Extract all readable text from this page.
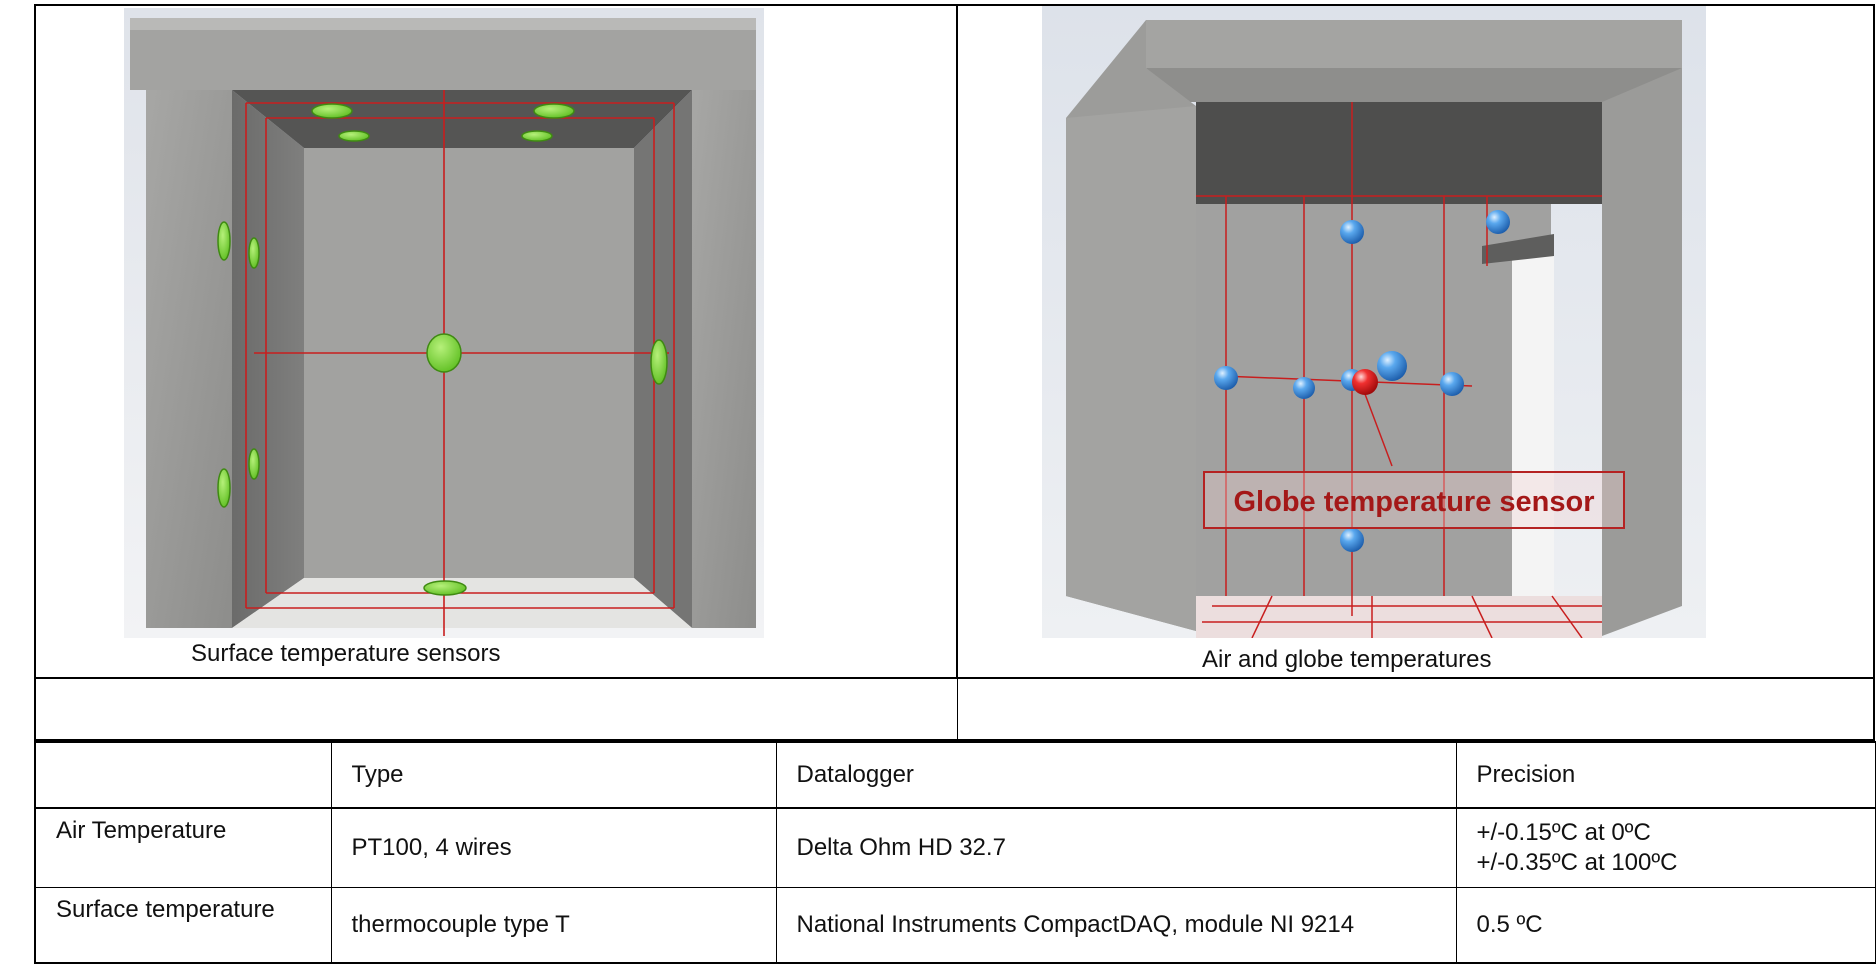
Surface temperature sensors
Globe temperature sensor
Air and globe temperatures
	Type	Datalogger	Precision
Air Temperature	PT100, 4 wires	Delta Ohm HD 32.7	+/-0.15ºC at 0ºC
+/-0.35ºC at 100ºC

Surface temperature	thermocouple type T	National Instruments CompactDAQ, module NI 9214	0.5 ºC
